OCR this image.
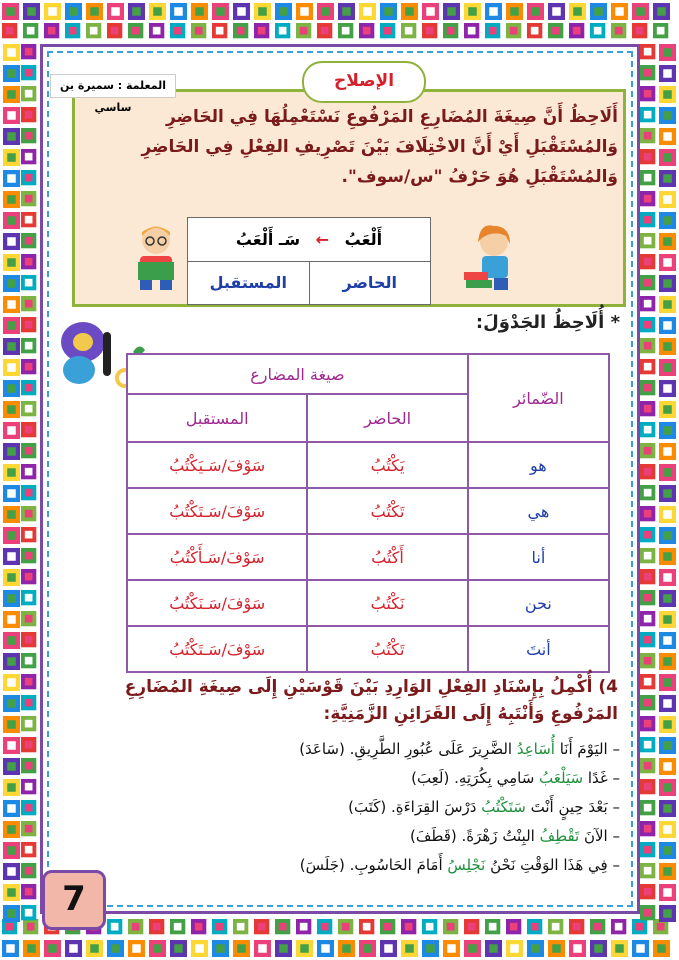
المعلمة : سميرة بن ساسي
الإصلاح
أَلَاحِظُ أَنَّ صِيغَةَ المُضَارِعِ المَرْفُوعِ نَسْتَعْمِلُهَا فِي الحَاضِرِ وَالمُسْتَقْبَلِ أَيْ أَنَّ الاخْتِلَافَ بَيْنَ تَصْرِيفِ الفِعْلِ فِي الحَاضِرِ وَالمُسْتَقْبَلِ هُوَ حَرْفُ "س/سوف".
أَلْعَبُ ← سَـ أَلْعَبُ
المستقبل	الحاضر
* أُلَاحِظُ الجَدْوَلَ:
صيغة المضارع		الضّمائر
المستقبل	الحاضر	
سَوْفَ/سَـيَكْتُبُ	يَكْتُبُ	هو
سَوْفَ/سَـتَكْتُبُ	تَكْتُبُ	هي
سَوْفَ/سَـأَكْتُبُ	أَكْتُبُ	أنا
سَوْفَ/سَـنَكْتُبُ	نَكْتُبُ	نحن
سَوْفَ/سَـتَكْتُبُ	تَكْتُبُ	أنتَ
4) أُكْمِلُ بِإِسْنَادِ الفِعْلِ الوَارِدِ بَيْنَ قَوْسَيْنِ إِلَى صِيغَةِ المُضَارِعِ المَرْفُوعِ وَأَنْتَبِهُ إِلَى القَرَائِنِ الزَّمَنِيَّةِ:
– اليَوْمَ أَنَا أُسَاعِدُ الضَّرِيرَ عَلَى عُبُورِ الطَّرِيقِ. (سَاعَدَ)
– غَدًا سَيَلْعَبُ سَامِي بِكُرَتِهِ. (لَعِبَ)
– بَعْدَ حِينٍ أَنْتَ سَتَكْتُبُ دَرْسَ القِرَاءَةِ. (كَتَبَ)
– الآنَ تَقْطِفُ البِنْتُ زَهْرَةً. (قَطَفَ)
– فِي هَذَا الوَقْتِ نَحْنُ نَجْلِسُ أَمَامَ الحَاسُوبِ. (جَلَسَ)
7
